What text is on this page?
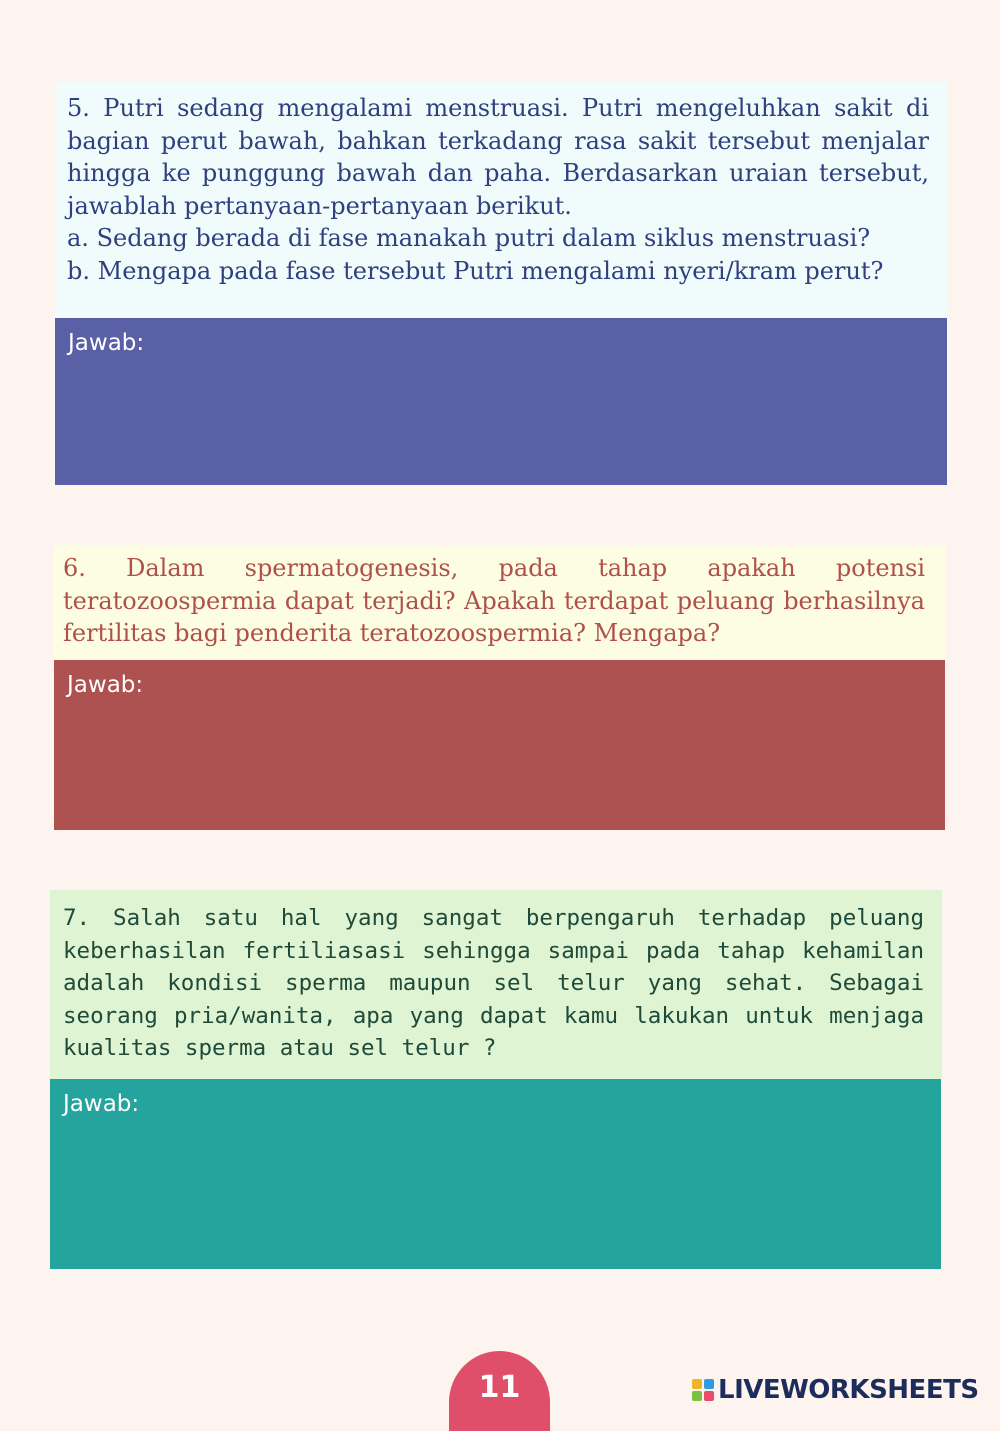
5. Putri sedang mengalami menstruasi. Putri mengeluhkan sakit di bagian perut bawah, bahkan terkadang rasa sakit tersebut menjalar hingga ke punggung bawah dan paha. Berdasarkan uraian tersebut, jawablah pertanyaan-pertanyaan berikut.
a. Sedang berada di fase manakah putri dalam siklus menstruasi?
b. Mengapa pada fase tersebut Putri mengalami nyeri/kram perut?

Jawab:

6. Dalam spermatogenesis, pada tahap apakah potensi teratozoospermia dapat terjadi? Apakah terdapat peluang berhasilnya fertilitas bagi penderita teratozoospermia? Mengapa?

Jawab:

7. Salah satu hal yang sangat berpengaruh terhadap peluang keberhasilan fertiliasasi sehingga sampai pada tahap kehamilan adalah kondisi sperma maupun sel telur yang sehat. Sebagai seorang pria/wanita, apa yang dapat kamu lakukan untuk menjaga kualitas sperma atau sel telur ?

Jawab:
11	LIVEWORKSHEETS
